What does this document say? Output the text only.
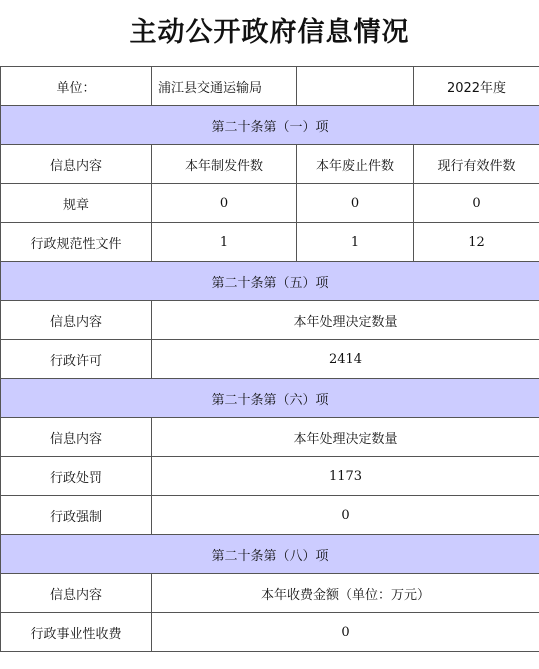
主动公开政府信息情况
单位：	浦江县交通运输局		2022年度
第二十条第（一）项			
信息内容	本年制发件数	本年废止件数	现行有效件数
规章	0	0	0
行政规范性文件	1	1	12
第二十条第（五）项			
信息内容	本年处理决定数量		
行政许可	2414		
第二十条第（六）项			
信息内容	本年处理决定数量		
行政处罚	1173		
行政强制	0		
第二十条第（八）项			
信息内容	本年收费金额（单位：万元）		
行政事业性收费	0		
